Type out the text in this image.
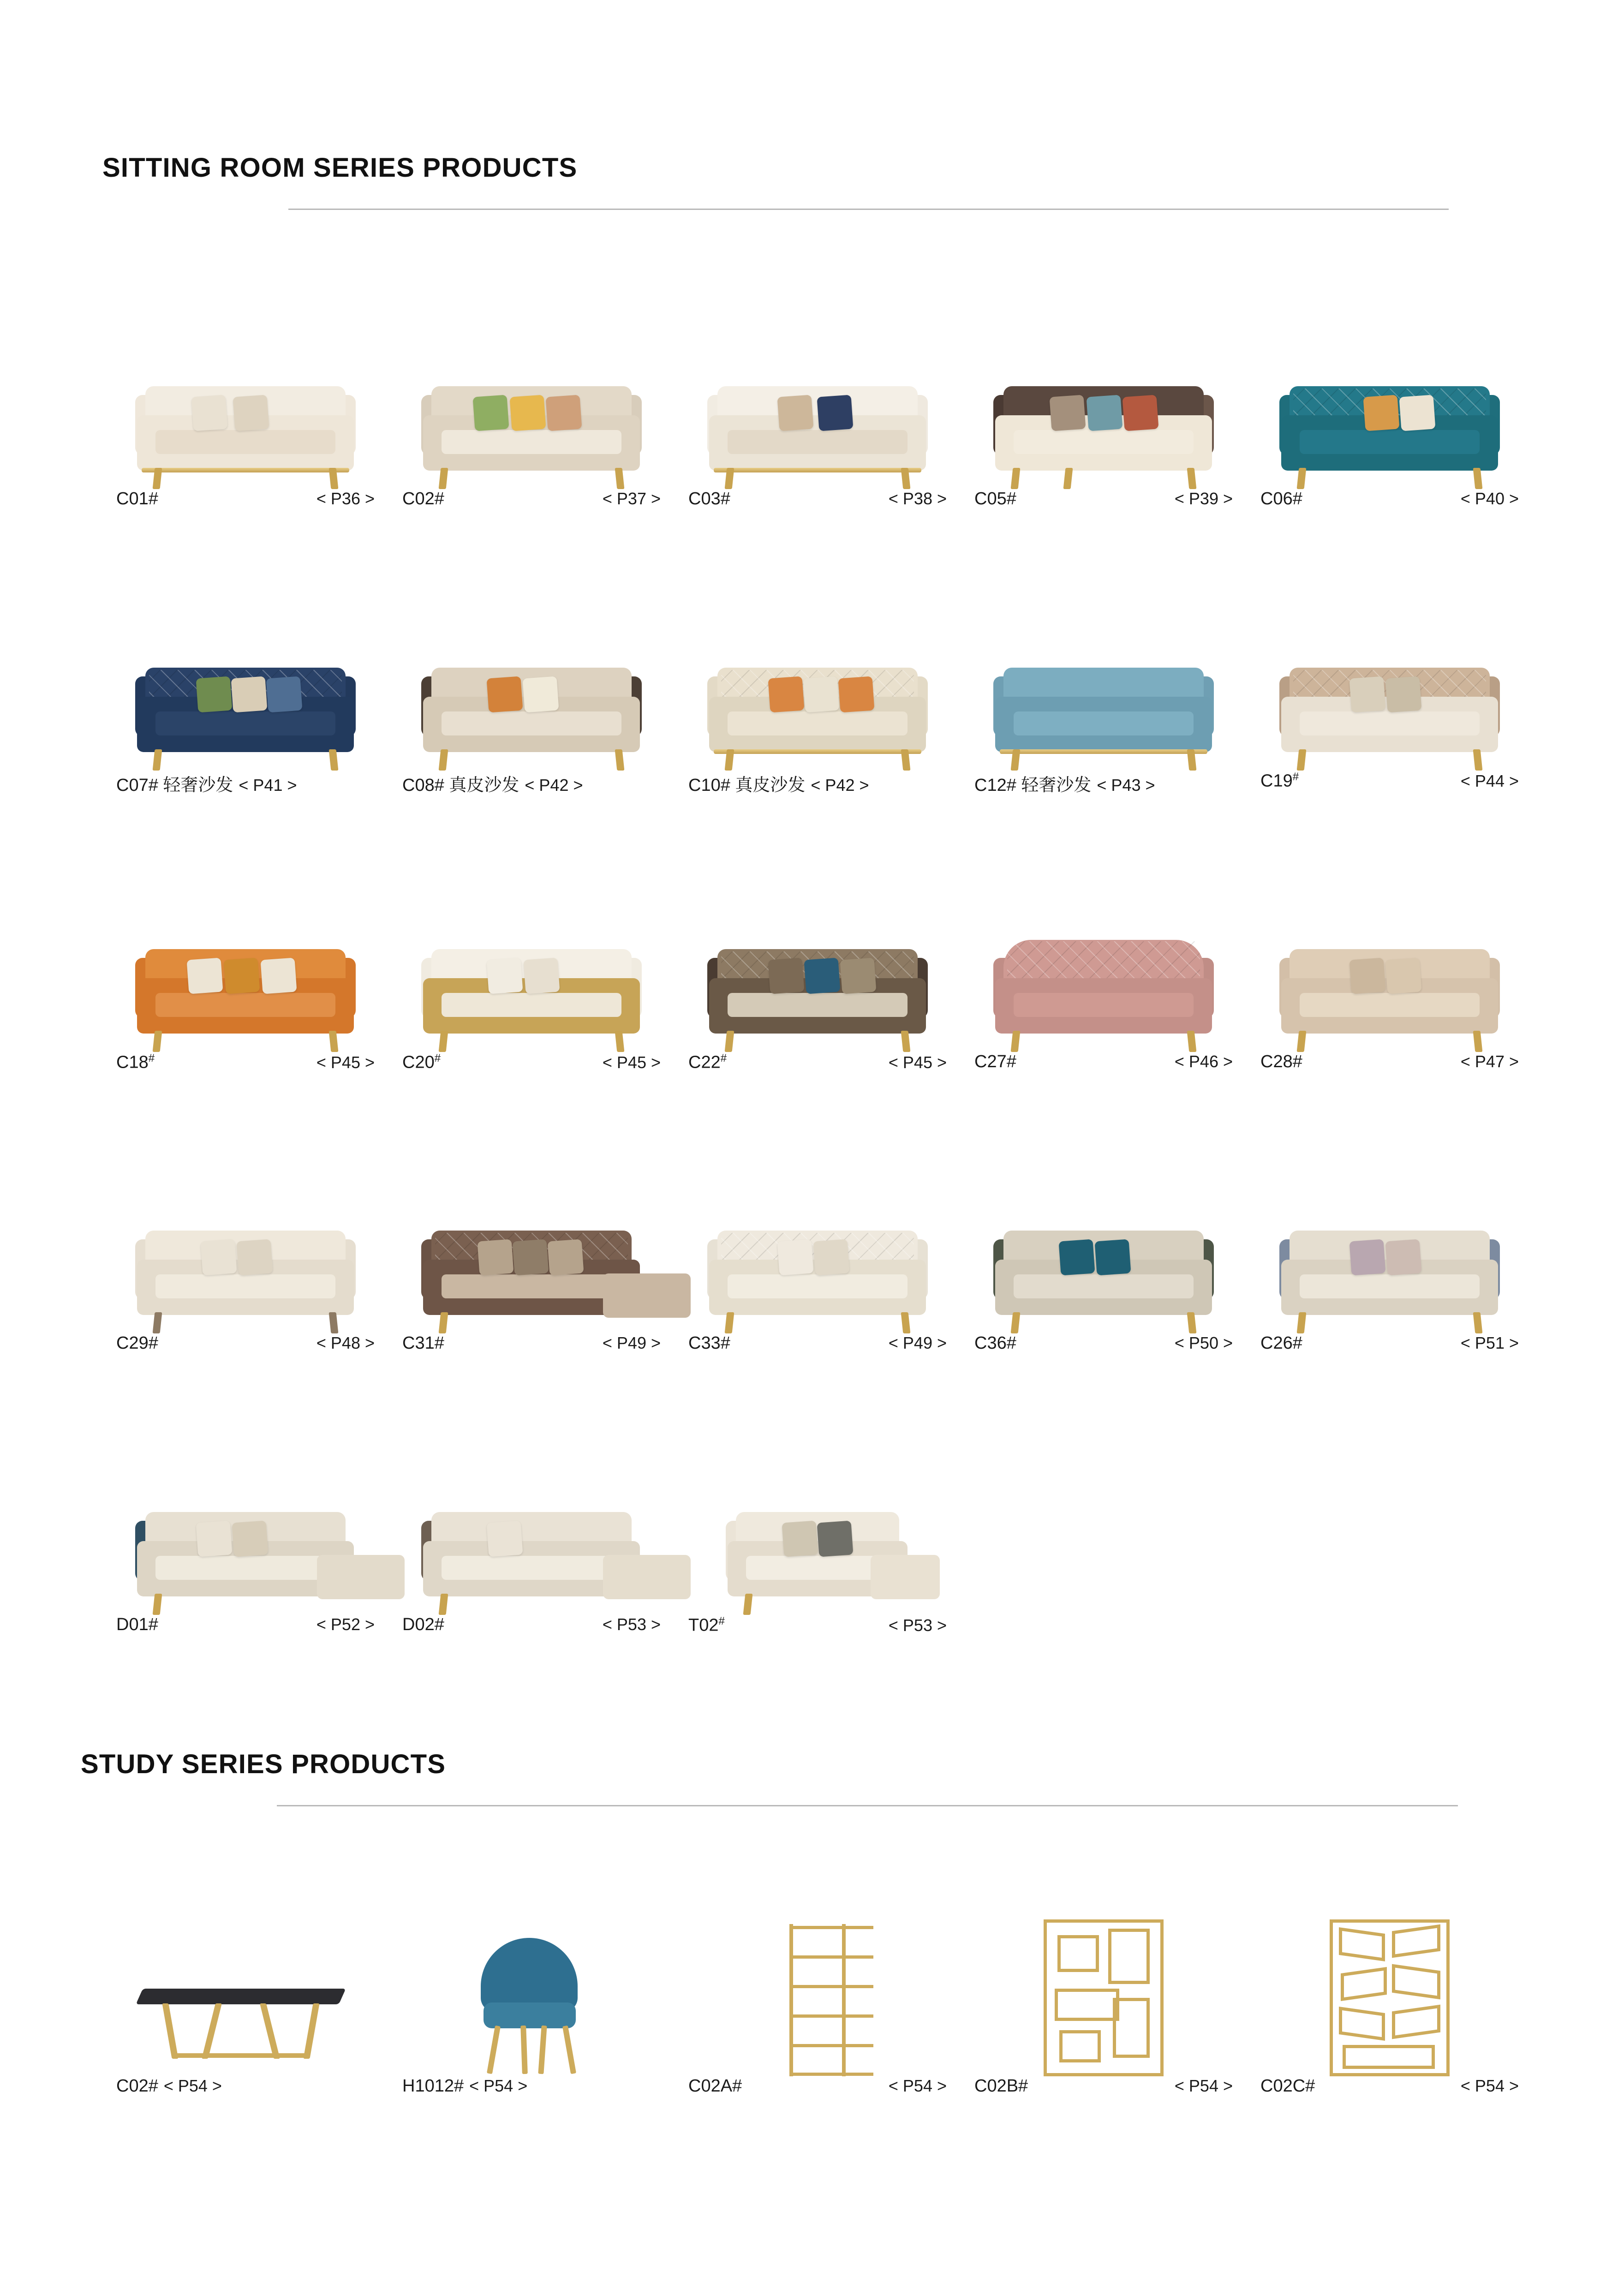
SITTING ROOM SERIES PRODUCTS
C01#	< P36 > C02#	< P37 > C03#	< P38 > C05#	< P39 > C06#	< P40 >
C07# 轻奢沙发 < P41 >	C08# 真皮沙发 < P42 >	C10# 真皮沙发 < P42 >	C12# 轻奢沙发 < P43 >	C19#	< P44 >
C18#	< P45 > C20#	< P45 > C22#	< P45 > C27#	< P46 > C28#	< P47 >
C29#	< P48 > C31#	< P49 > C33#	< P49 > C36#	< P50 > C26#	< P51 >
D01#	< P52 > D02#	< P53 > T02#	< P53 >
STUDY SERIES PRODUCTS
C02# < P54 >	H1012# < P54 >	C02A#	< P54 > C02B#	< P54 > C02C#	< P54 >
